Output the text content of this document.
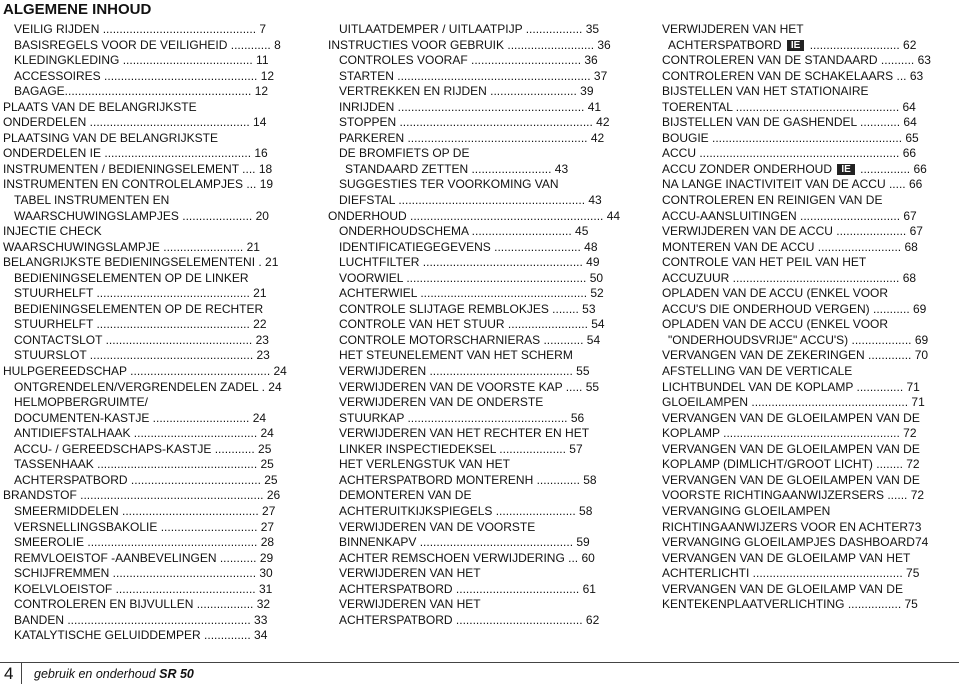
ALGEMENE INHOUD
VEILIG RIJDEN .............................................. 7
BASISREGELS VOOR DE VEILIGHEID ............ 8
KLEDINGKLEDING ....................................... 11
ACCESSOIRES .............................................. 12
BAGAGE........................................................ 12
PLAATS VAN DE BELANGRIJKSTE
ONDERDELEN ................................................ 14
PLAATSING VAN DE BELANGRIJKSTE
ONDERDELEN IE ............................................ 16
INSTRUMENTEN / BEDIENINGSELEMENT .... 18
INSTRUMENTEN EN CONTROLELAMPJES ... 19
TABEL INSTRUMENTEN EN
WAARSCHUWINGSLAMPJES ..................... 20
INJECTIE CHECK
WAARSCHUWINGSLAMPJE ........................ 21
BELANGRIJKSTE BEDIENINGSELEMENTENI . 21
BEDIENINGSELEMENTEN OP DE LINKER
STUURHELFT .............................................. 21
BEDIENINGSELEMENTEN OP DE RECHTER
STUURHELFT .............................................. 22
CONTACTSLOT ............................................ 23
STUURSLOT ................................................. 23
HULPGEREEDSCHAP .......................................... 24
ONTGRENDELEN/VERGRENDELEN ZADEL . 24
HELMOPBERGRUIMTE/
DOCUMENTEN-KASTJE ............................. 24
ANTIDIEFSTALHAAK ..................................... 24
ACCU- / GEREEDSCHAPS-KASTJE ............ 25
TASSENHAAK ................................................ 25
ACHTERSPATBORD ....................................... 25
BRANDSTOF ....................................................... 26
SMEERMIDDELEN ......................................... 27
VERSNELLINGSBAKOLIE ............................. 27
SMEEROLIE ................................................... 28
REMVLOEISTOF -AANBEVELINGEN ........... 29
SCHIJFREMMEN ........................................... 30
KOELVLOEISTOF .......................................... 31
CONTROLEREN EN BIJVULLEN ................. 32
BANDEN ....................................................... 33
KATALYTISCHE GELUIDDEMPER .............. 34
UITLAATDEMPER / UITLAATPIJP ................. 35
INSTRUCTIES VOOR GEBRUIK .......................... 36
CONTROLES VOORAF ................................. 36
STARTEN .......................................................... 37
VERTREKKEN EN RIJDEN .......................... 39
INRIJDEN ........................................................ 41
STOPPEN .......................................................... 42
PARKEREN ...................................................... 42
DE BROMFIETS OP DE
STANDAARD ZETTEN ........................ 43
SUGGESTIES TER VOORKOMING VAN
DIEFSTAL ........................................................ 43
ONDERHOUD .......................................................... 44
ONDERHOUDSCHEMA .............................. 45
IDENTIFICATIEGEGEVENS .......................... 48
LUCHTFILTER ................................................ 49
VOORWIEL ...................................................... 50
ACHTERWIEL .................................................. 52
CONTROLE SLIJTAGE REMBLOKJES ........ 53
CONTROLE VAN HET STUUR ........................ 54
CONTROLE MOTORSCHARNIERAS ............ 54
HET STEUNELEMENT VAN HET SCHERM
VERWIJDEREN ........................................... 55
VERWIJDEREN VAN DE VOORSTE KAP ..... 55
VERWIJDEREN VAN DE ONDERSTE
STUURKAP ................................................ 56
VERWIJDEREN VAN HET RECHTER EN HET
LINKER INSPECTIEDEKSEL .................... 57
HET VERLENGSTUK VAN HET
ACHTERSPATBORD MONTERENH ............. 58
DEMONTEREN VAN DE
ACHTERUITKIJKSPIEGELS ........................ 58
VERWIJDEREN VAN DE VOORSTE
BINNENKAPV .............................................. 59
ACHTER REMSCHOEN VERWIJDERING ... 60
VERWIJDEREN VAN HET
ACHTERSPATBORD ..................................... 61
VERWIJDEREN VAN HET
ACHTERSPATBORD ...................................... 62
VERWIJDEREN VAN HET
ACHTERSPATBORD IE ........................... 62
CONTROLEREN VAN DE STANDAARD .......... 63
CONTROLEREN VAN DE SCHAKELAARS ... 63
BIJSTELLEN VAN HET STATIONAIRE
TOERENTAL ................................................. 64
BIJSTELLEN VAN DE GASHENDEL ............ 64
BOUGIE ......................................................... 65
ACCU ............................................................ 66
ACCU ZONDER ONDERHOUD IE ............... 66
NA LANGE INACTIVITEIT VAN DE ACCU ..... 66
CONTROLEREN EN REINIGEN VAN DE
ACCU-AANSLUITINGEN .............................. 67
VERWIJDEREN VAN DE ACCU ..................... 67
MONTEREN VAN DE ACCU ......................... 68
CONTROLE VAN HET PEIL VAN HET
ACCUZUUR .................................................. 68
OPLADEN VAN DE ACCU (ENKEL VOOR
ACCU'S DIE ONDERHOUD VERGEN) ........... 69
OPLADEN VAN DE ACCU (ENKEL VOOR
"ONDERHOUDSVRIJE" ACCU'S) .................. 69
VERVANGEN VAN DE ZEKERINGEN ............. 70
AFSTELLING VAN DE VERTICALE
LICHTBUNDEL VAN DE KOPLAMP .............. 71
GLOEILAMPEN ............................................... 71
VERVANGEN VAN DE GLOEILAMPEN VAN DE
KOPLAMP ..................................................... 72
VERVANGEN VAN DE GLOEILAMPEN VAN DE
KOPLAMP (DIMLICHT/GROOT LICHT) ........ 72
VERVANGEN VAN DE GLOEILAMPEN VAN DE
VOORSTE RICHTINGAANWIJZERSERS ...... 72
VERVANGING GLOEILAMPEN
RICHTINGAANWIJZERS VOOR EN ACHTER73
VERVANGING GLOEILAMPJES DASHBOARD74
VERVANGEN VAN DE GLOEILAMP VAN HET
ACHTERLICHTI ............................................. 75
VERVANGEN VAN DE GLOEILAMP VAN DE
KENTEKENPLAATVERLICHTING ................ 75
4 gebruik en onderhoud SR 50
